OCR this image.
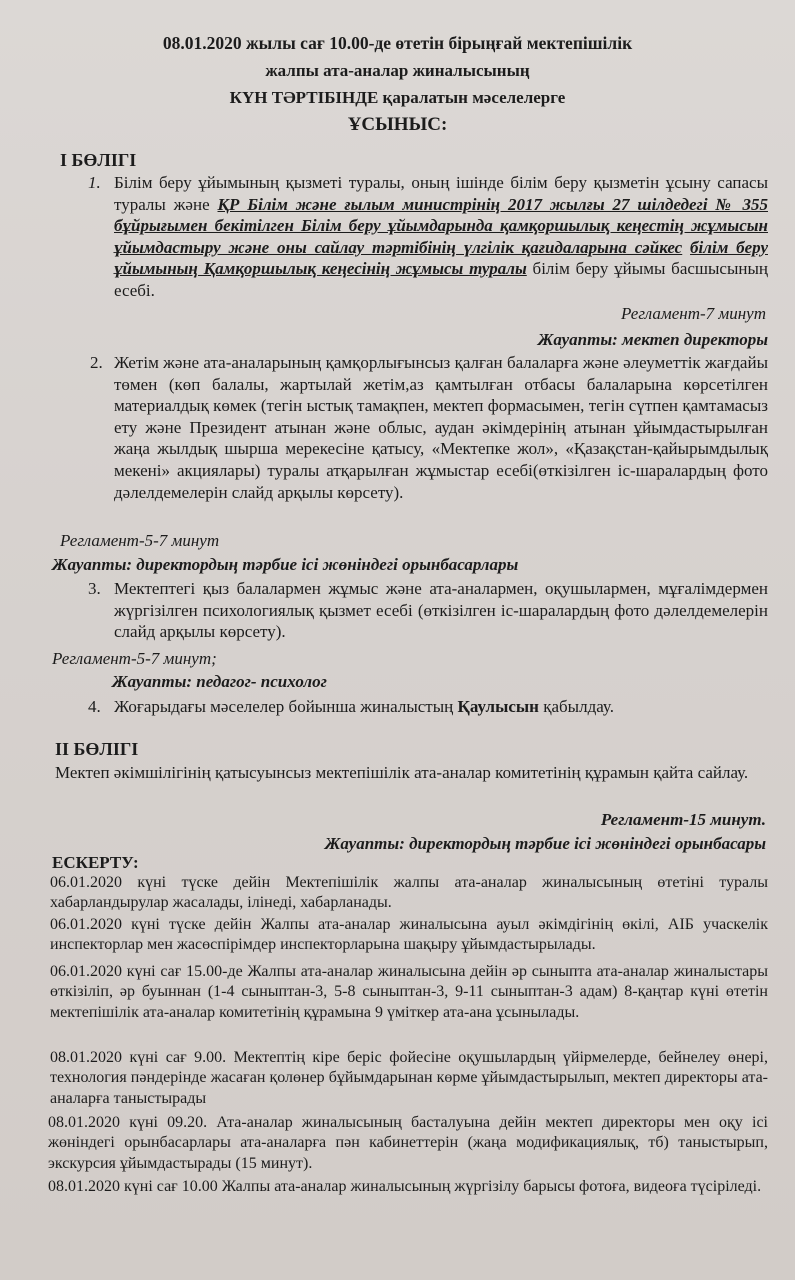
08.01.2020 жылы сағ 10.00-де өтетін бірыңғай мектепішілік
жалпы ата-аналар жиналысының
КҮН ТӘРТІБІНДЕ қаралатын мәселелерге
ҰСЫНЫС:
І БӨЛІГІ
1. Білім беру ұйымының қызметі туралы, оның ішінде білім беру қызметін ұсыну сапасы туралы және ҚР Білім және ғылым министрінің 2017 жылғы 27 шілдедегі № 355 бұйрығымен бекітілген Білім беру ұйымдарында қамқоршылық кеңестің жұмысын ұйымдастыру және оны сайлау тәртібінің үлгілік қағидаларына сәйкес білім беру ұйымының Қамқоршылық кеңесінің жұмысы туралы білім беру ұйымы басшысының есебі.
Регламент-7 минут
Жауапты: мектеп директоры
2. Жетім және ата-аналарының қамқорлығынсыз қалған балаларға және әлеуметтік жағдайы төмен (көп балалы, жартылай жетім,аз қамтылған отбасы балаларына көрсетілген материалдық көмек (тегін ыстық тамақпен, мектеп формасымен, тегін сүтпен қамтамасыз ету және Президент атынан және облыс, аудан әкімдерінің атынан ұйымдастырылған жаңа жылдық шырша мерекесіне қатысу, «Мектепке жол», «Қазақстан-қайырымдылық мекені» акциялары) туралы атқарылған жұмыстар есебі(өткізілген іс-шаралардың фото дәлелдемелерін слайд арқылы көрсету).
Регламент-5-7 минут
Жауапты: директордың тәрбие ісі жөніндегі орынбасарлары
3. Мектептегі қыз балалармен жұмыс және ата-аналармен, оқушылармен, мұғалімдермен жүргізілген психологиялық қызмет есебі (өткізілген іс-шаралардың фото дәлелдемелерін слайд арқылы көрсету).
Регламент-5-7 минут;
Жауапты: педагог- психолог
4. Жоғарыдағы мәселелер бойынша жиналыстың Қаулысын қабылдау.
ІІ БӨЛІГІ
Мектеп әкімшілігінің қатысуынсыз мектепішілік ата-аналар комитетінің құрамын қайта сайлау.
Регламент-15 минут.
Жауапты: директордың тәрбие ісі жөніндегі орынбасары
ЕСКЕРТУ:
06.01.2020 күні түске дейін Мектепішілік жалпы ата-аналар жиналысының өтетіні туралы хабарландырулар жасалады, ілінеді, хабарланады.
06.01.2020 күні түске дейін Жалпы ата-аналар жиналысына ауыл әкімдігінің өкілі, АІБ учаскелік инспекторлар мен жасөспірімдер инспекторларына шақыру ұйымдастырылады.
06.01.2020 күні сағ 15.00-де Жалпы ата-аналар жиналысына дейін әр сыныпта ата-аналар жиналыстары өткізіліп, әр буыннан (1-4 сыныптан-3, 5-8 сыныптан-3, 9-11 сыныптан-3 адам) 8-қаңтар күні өтетін мектепішілік ата-аналар комитетінің құрамына 9 үміткер ата-ана ұсынылады.
08.01.2020 күні сағ 9.00. Мектептің кіре беріс фойесіне оқушылардың үйірмелерде, бейнелеу өнері, технология пәндерінде жасаған қолөнер бұйымдарынан көрме ұйымдастырылып, мектеп директоры ата-аналарға таныстырады
08.01.2020 күні 09.20. Ата-аналар жиналысының басталуына дейін мектеп директоры мен оқу ісі жөніндегі орынбасарлары ата-аналарға пән кабинеттерін (жаңа модификациялық, тб) таныстырып, экскурсия ұйымдастырады (15 минут).
08.01.2020 күні сағ 10.00 Жалпы ата-аналар жиналысының жүргізілу барысы фотоға, видеоға түсіріледі.
